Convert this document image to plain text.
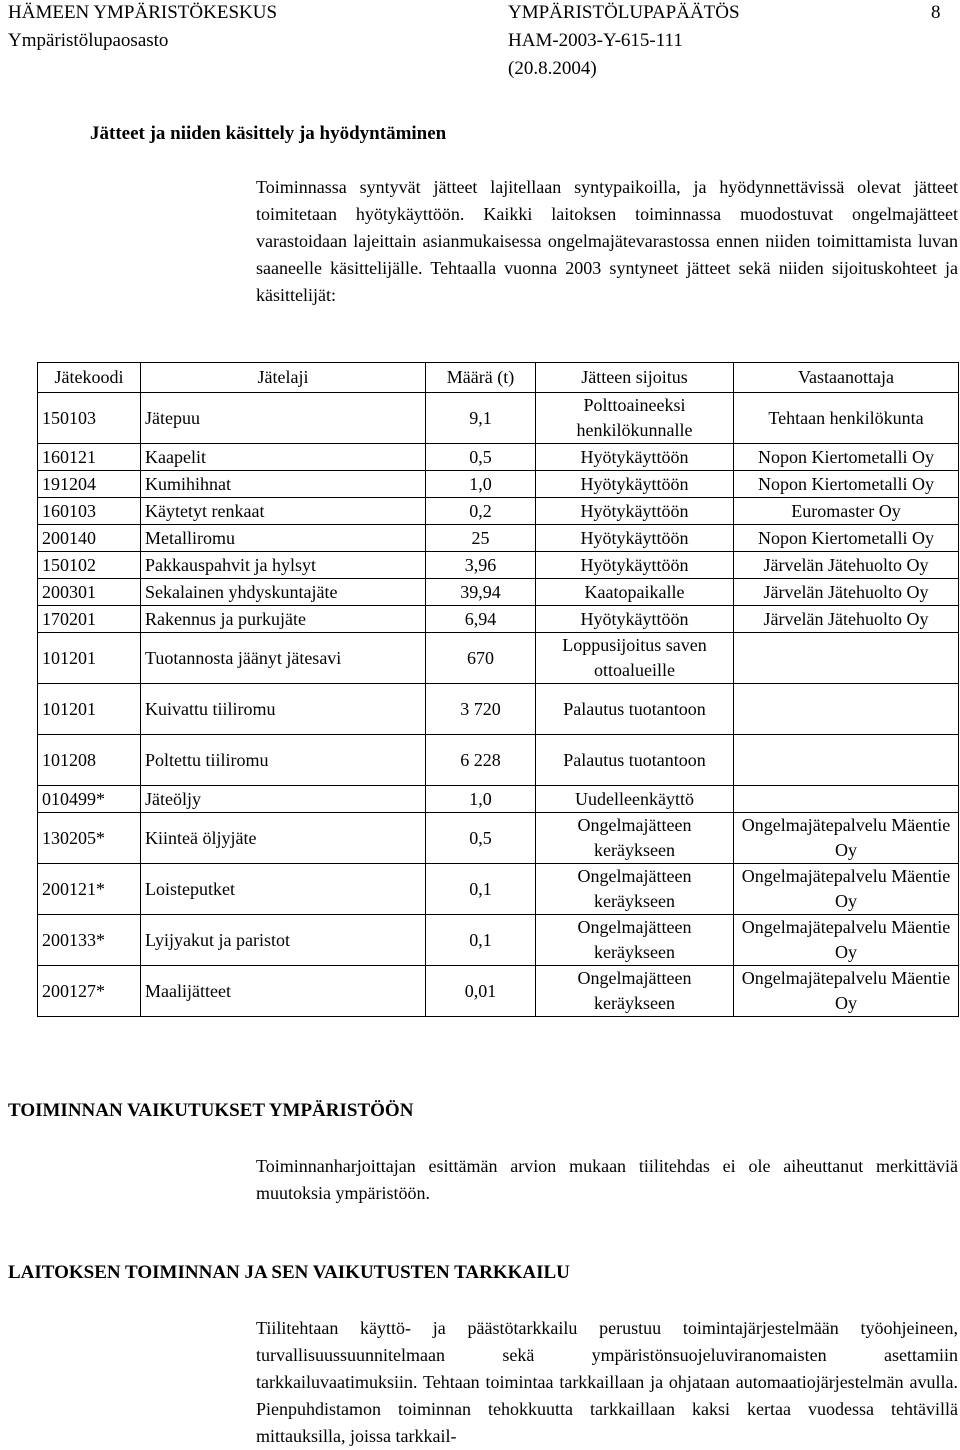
HÄMEEN YMPÄRISTÖKESKUS
Ympäristölupaosasto
YMPÄRISTÖLUPAPÄÄTÖS
HAM-2003-Y-615-111
(20.8.2004)
8
Jätteet ja niiden käsittely ja hyödyntäminen

Toiminnassa syntyvät jätteet lajitellaan syntypaikoilla, ja hyödynnettävissä olevat jätteet toimitetaan hyötykäyttöön. Kaikki laitoksen toiminnassa muodostuvat ongelmajätteet varastoidaan lajeittain asianmukaisessa ongelmajätevarastossa ennen niiden toimittamista luvan saaneelle käsittelijälle. Tehtaalla vuonna 2003 syntyneet jätteet sekä niiden sijoituskohteet ja käsittelijät:

Jätekoodi	Jätelaji	Määrä (t)	Jätteen sijoitus	Vastaanottaja
150103	Jätepuu	9,1	Polttoaineeksi henkilökunnalle	Tehtaan henkilökunta
160121	Kaapelit	0,5	Hyötykäyttöön	Nopon Kiertometalli Oy
191204	Kumihihnat	1,0	Hyötykäyttöön	Nopon Kiertometalli Oy
160103	Käytetyt renkaat	0,2	Hyötykäyttöön	Euromaster Oy
200140	Metalliromu	25	Hyötykäyttöön	Nopon Kiertometalli Oy
150102	Pakkauspahvit ja hylsyt	3,96	Hyötykäyttöön	Järvelän Jätehuolto Oy
200301	Sekalainen yhdyskuntajäte	39,94	Kaatopaikalle	Järvelän Jätehuolto Oy
170201	Rakennus ja purkujäte	6,94	Hyötykäyttöön	Järvelän Jätehuolto Oy
101201	Tuotannosta jäänyt jätesavi	670	Loppusijoitus saven ottoalueille	
101201	Kuivattu tiiliromu	3 720	Palautus tuotantoon	
101208	Poltettu tiiliromu	6 228	Palautus tuotantoon	
010499*	Jäteöljy	1,0	Uudelleenkäyttö	
130205*	Kiinteä öljyjäte	0,5	Ongelmajätteen keräykseen	Ongelmajätepalvelu Mäentie Oy
200121*	Loisteputket	0,1	Ongelmajätteen keräykseen	Ongelmajätepalvelu Mäentie Oy
200133*	Lyijyakut ja paristot	0,1	Ongelmajätteen keräykseen	Ongelmajätepalvelu Mäentie Oy
200127*	Maalijätteet	0,01	Ongelmajätteen keräykseen	Ongelmajätepalvelu Mäentie Oy
TOIMINNAN VAIKUTUKSET YMPÄRISTÖÖN

Toiminnanharjoittajan esittämän arvion mukaan tiilitehdas ei ole aiheuttanut merkittäviä muutoksia ympäristöön.

LAITOKSEN TOIMINNAN JA SEN VAIKUTUSTEN TARKKAILU

Tiilitehtaan käyttö- ja päästötarkkailu perustuu toimintajärjestelmään työohjeineen, turvallisuussuunnitelmaan sekä ympäristönsuojeluviranomaisten asettamiin tarkkailuvaatimuksiin. Tehtaan toimintaa tarkkaillaan ja ohjataan automaatiojärjestelmän avulla. Pienpuhdistamon toiminnan tehokkuutta tarkkaillaan kaksi kertaa vuodessa tehtävillä mittauksilla, joissa tarkkail-
